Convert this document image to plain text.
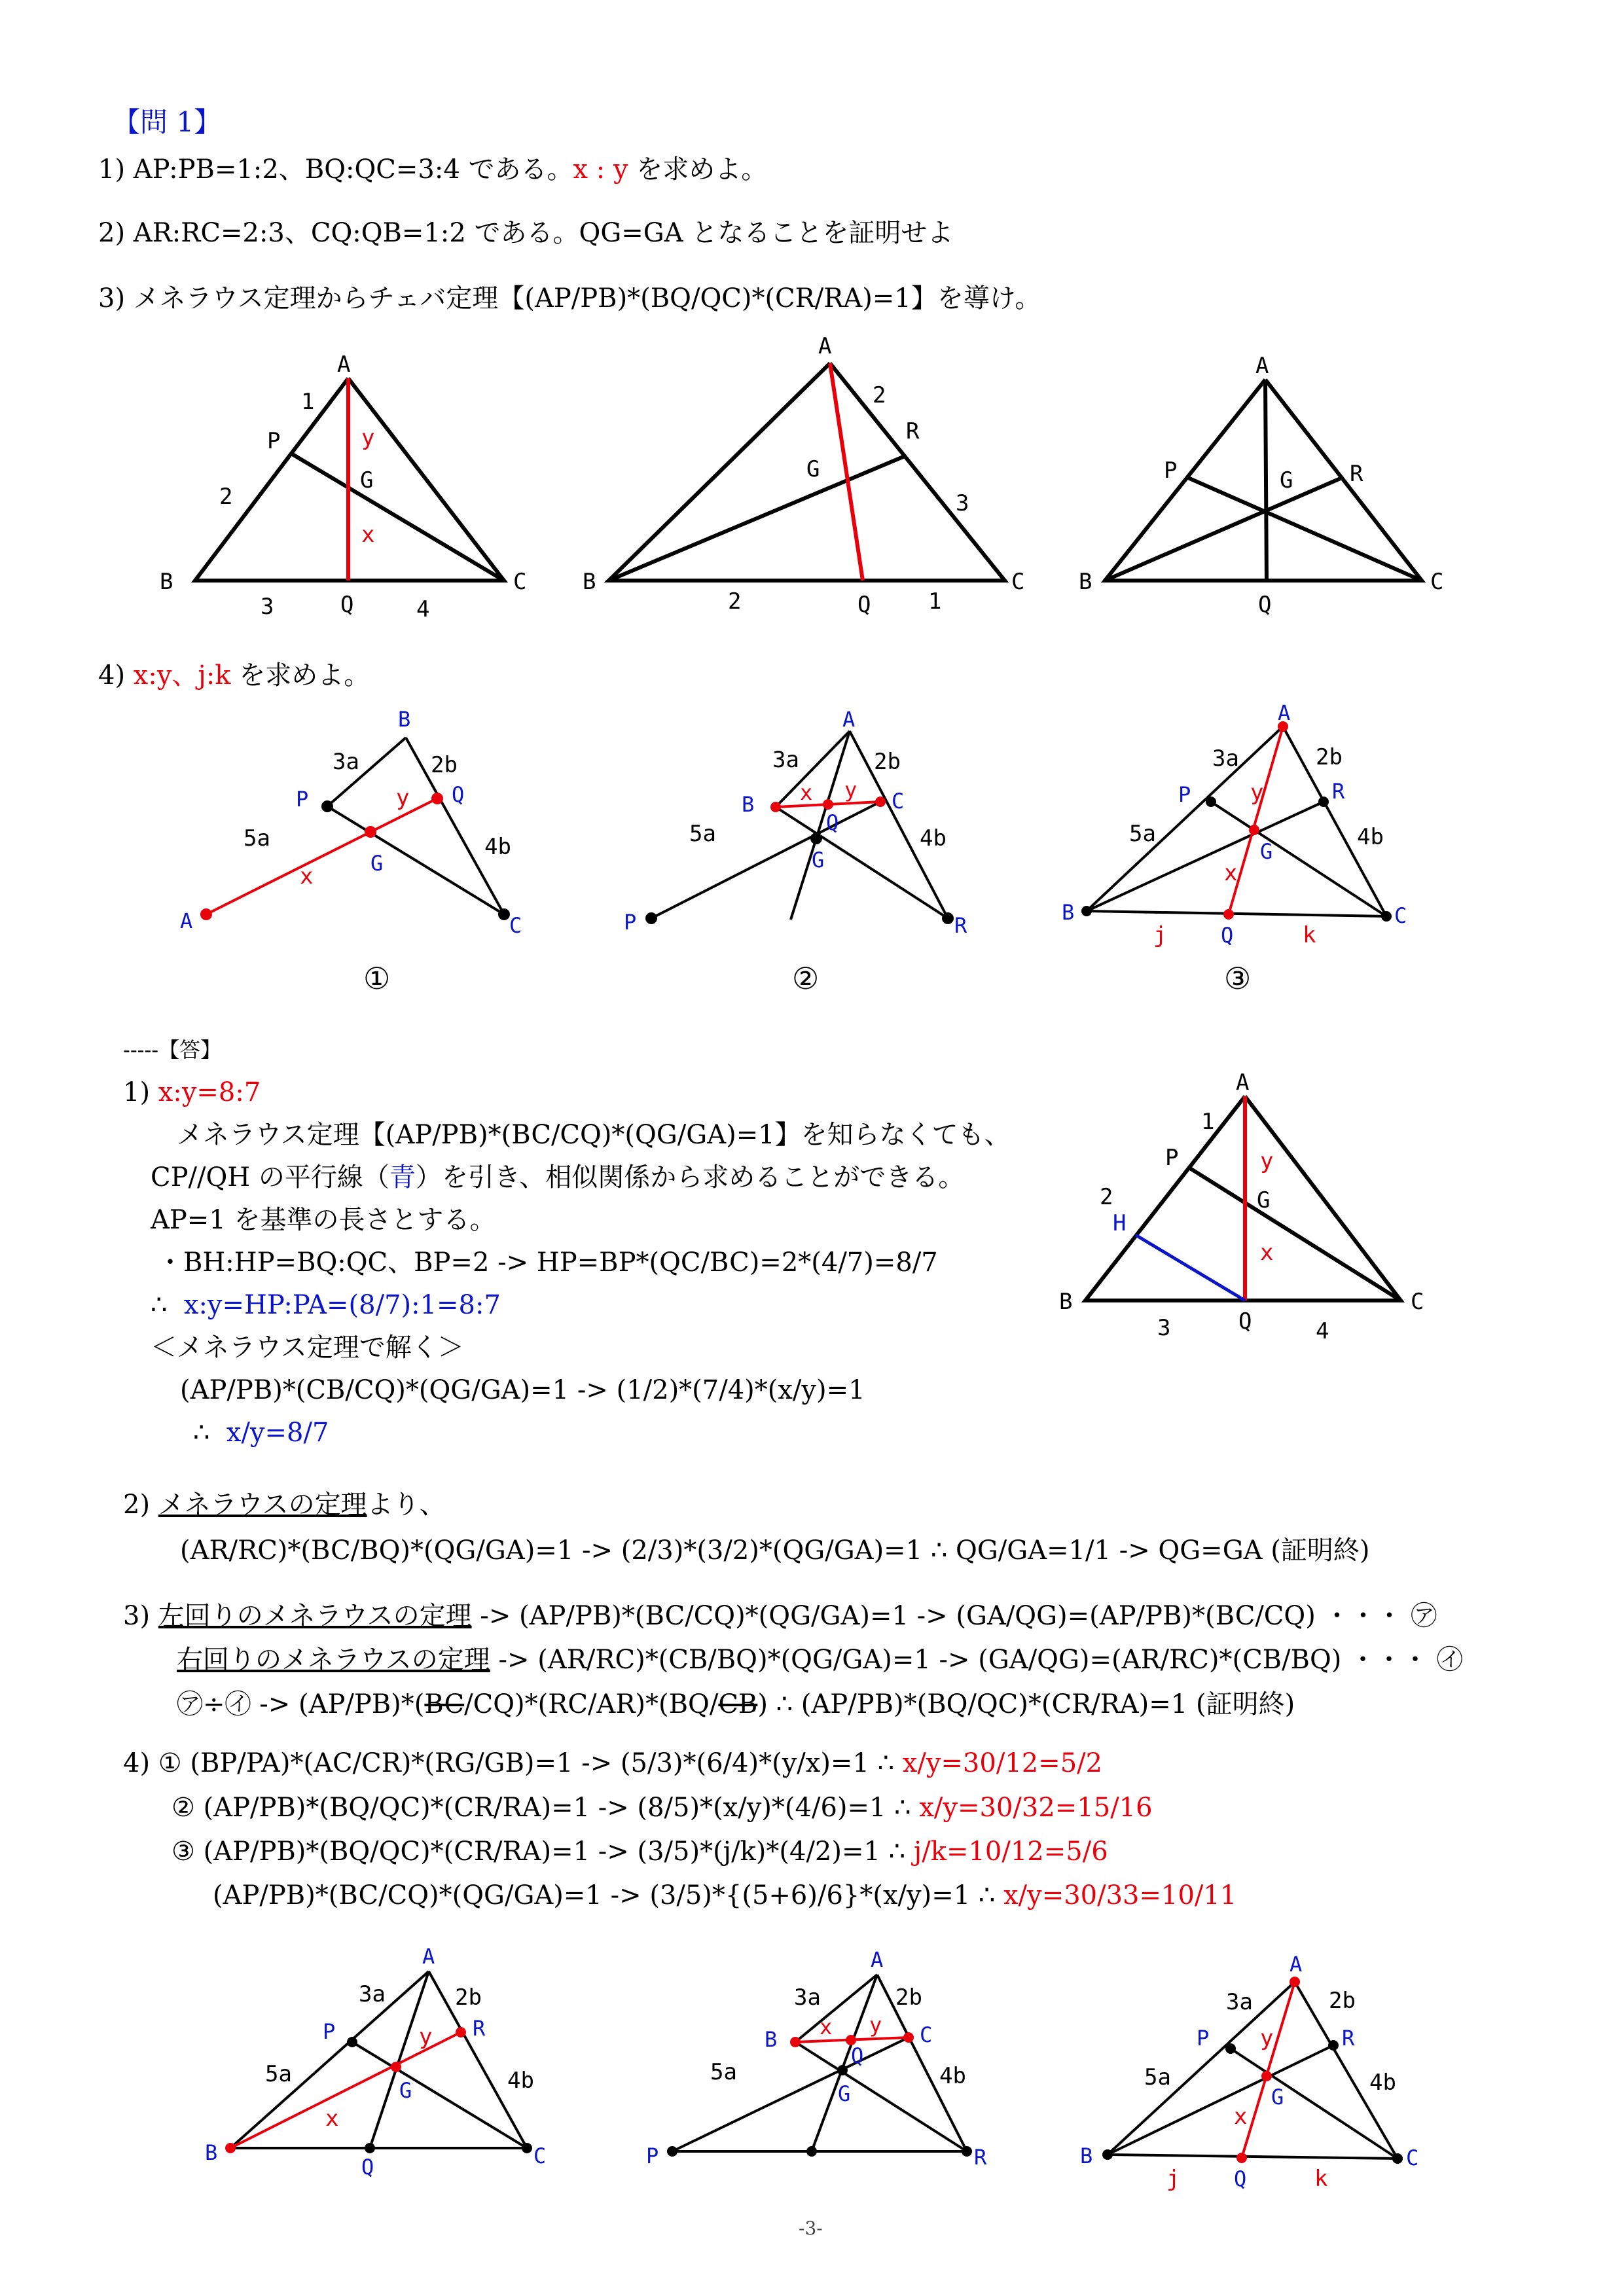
【問 1】
1) AP:PB=1:2、BQ:QC=3:4 である。x : y を求めよ。
2) AR:RC=2:3、CQ:QB=1:2 である。QG=GA となることを証明せよ
3) メネラウス定理からチェバ定理【(AP/PB)*(BQ/QC)*(CR/RA)=1】を導け。
A
B	C
P
Q
G
1
2
3	4
y
x
A
B	C
R
Q
G
2
3
2	1
A
B	C
P	R
G
Q
4) x:y、j:k を求めよ。
B
Q
P
G
A	C
3a	2b
5a	4b
y
x
A
B	C
Q
G
P	R
3a	2b
5a	4b
x y
A
P	R
G
B
Q
C
3a	2b
5a	4b
y
x
j	k
①	②	③
-----【答】
1) x:y=8:7
メネラウス定理【(AP/PB)*(BC/CQ)*(QG/GA)=1】を知らなくても、
CP//QH の平行線（青）を引き、相似関係から求めることができる。
AP=1 を基準の長さとする。
・BH:HP=BQ:QC、BP=2 -> HP=BP*(QC/BC)=2*(4/7)=8/7
∴ x:y=HP:PA=(8/7):1=8:7
＜メネラウス定理で解く＞
(AP/PB)*(CB/CQ)*(QG/GA)=1 -> (1/2)*(7/4)*(x/y)=1
∴ x/y=8/7
A
B	C
P
Q
G
H
1
2
3	4
y
x
2) メネラウスの定理より、
(AR/RC)*(BC/BQ)*(QG/GA)=1 -> (2/3)*(3/2)*(QG/GA)=1 ∴ QG/GA=1/1 -> QG=GA (証明終)
3) 左回りのメネラウスの定理 -> (AP/PB)*(BC/CQ)*(QG/GA)=1 -> (GA/QG)=(AP/PB)*(BC/CQ) ・・・ ㋐
右回りのメネラウスの定理 -> (AR/RC)*(CB/BQ)*(QG/GA)=1 -> (GA/QG)=(AR/RC)*(CB/BQ) ・・・ ㋑
㋐÷㋑ -> (AP/PB)*(BC/CQ)*(RC/AR)*(BQ/CB) ∴ (AP/PB)*(BQ/QC)*(CR/RA)=1 (証明終)
4) ① (BP/PA)*(AC/CR)*(RG/GB)=1 -> (5/3)*(6/4)*(y/x)=1 ∴ x/y=30/12=5/2
② (AP/PB)*(BQ/QC)*(CR/RA)=1 -> (8/5)*(x/y)*(4/6)=1 ∴ x/y=30/32=15/16
③ (AP/PB)*(BQ/QC)*(CR/RA)=1 -> (3/5)*(j/k)*(4/2)=1 ∴ j/k=10/12=5/6
(AP/PB)*(BC/CQ)*(QG/GA)=1 -> (3/5)*{(5+6)/6}*(x/y)=1 ∴ x/y=30/33=10/11
A
P	R
G
B
Q	C
3a	2b
5a	4b
y
x
A
B	C
Q
G
P	R
3a	2b
5a	4b
x y
A
P	R
G
B
Q
C
3a	2b
5a	4b
y
x
j	k
-3-
